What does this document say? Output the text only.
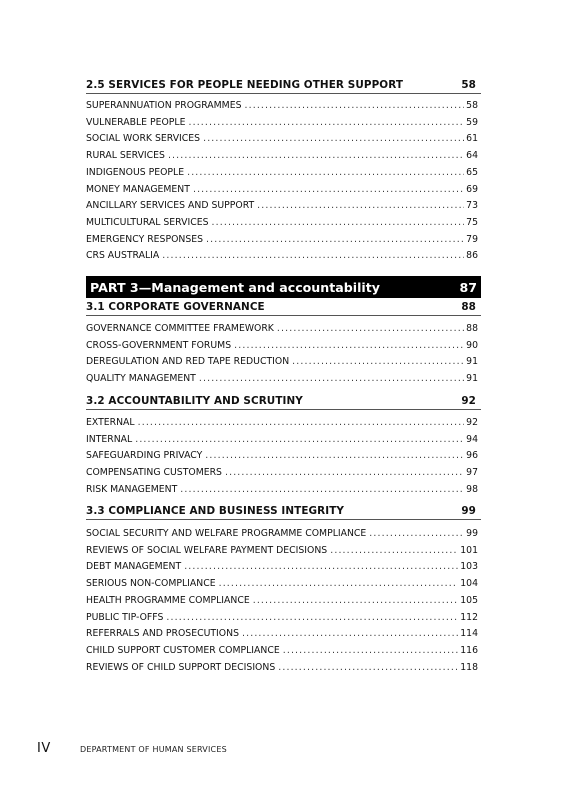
2.5 SERVICES FOR PEOPLE NEEDING OTHER SUPPORT	58
SUPERANNUATION PROGRAMMES . . .	58
VULNERABLE PEOPLE . . .	59
SOCIAL WORK SERVICES . . .	61
RURAL SERVICES . . .	64
INDIGENOUS PEOPLE . . .	65
MONEY MANAGEMENT . . .	69
ANCILLARY SERVICES AND SUPPORT . . .	73
MULTICULTURAL SERVICES . . .	75
EMERGENCY RESPONSES . . .	79
CRS AUSTRALIA . . .	86
PART 3—Management and accountability	87
3.1 CORPORATE GOVERNANCE	88
GOVERNANCE COMMITTEE FRAMEWORK . . .	88
CROSS-GOVERNMENT FORUMS . . .	90
DEREGULATION AND RED TAPE REDUCTION . . .	91
QUALITY MANAGEMENT . . .	91
3.2 ACCOUNTABILITY AND SCRUTINY	92
EXTERNAL . . .	92
INTERNAL . . .	94
SAFEGUARDING PRIVACY . . .	96
COMPENSATING CUSTOMERS . . .	97
RISK MANAGEMENT . . .	98
3.3 COMPLIANCE AND BUSINESS INTEGRITY	99
SOCIAL SECURITY AND WELFARE PROGRAMME COMPLIANCE . . .	99
REVIEWS OF SOCIAL WELFARE PAYMENT DECISIONS . . .	101
DEBT MANAGEMENT . . .	103
SERIOUS NON-COMPLIANCE . . .	104
HEALTH PROGRAMME COMPLIANCE . . .	105
PUBLIC TIP-OFFS . . .	112
REFERRALS AND PROSECUTIONS . . .	114
CHILD SUPPORT CUSTOMER COMPLIANCE . . .	116
REVIEWS OF CHILD SUPPORT DECISIONS . . .	118
IV	DEPARTMENT OF HUMAN SERVICES
